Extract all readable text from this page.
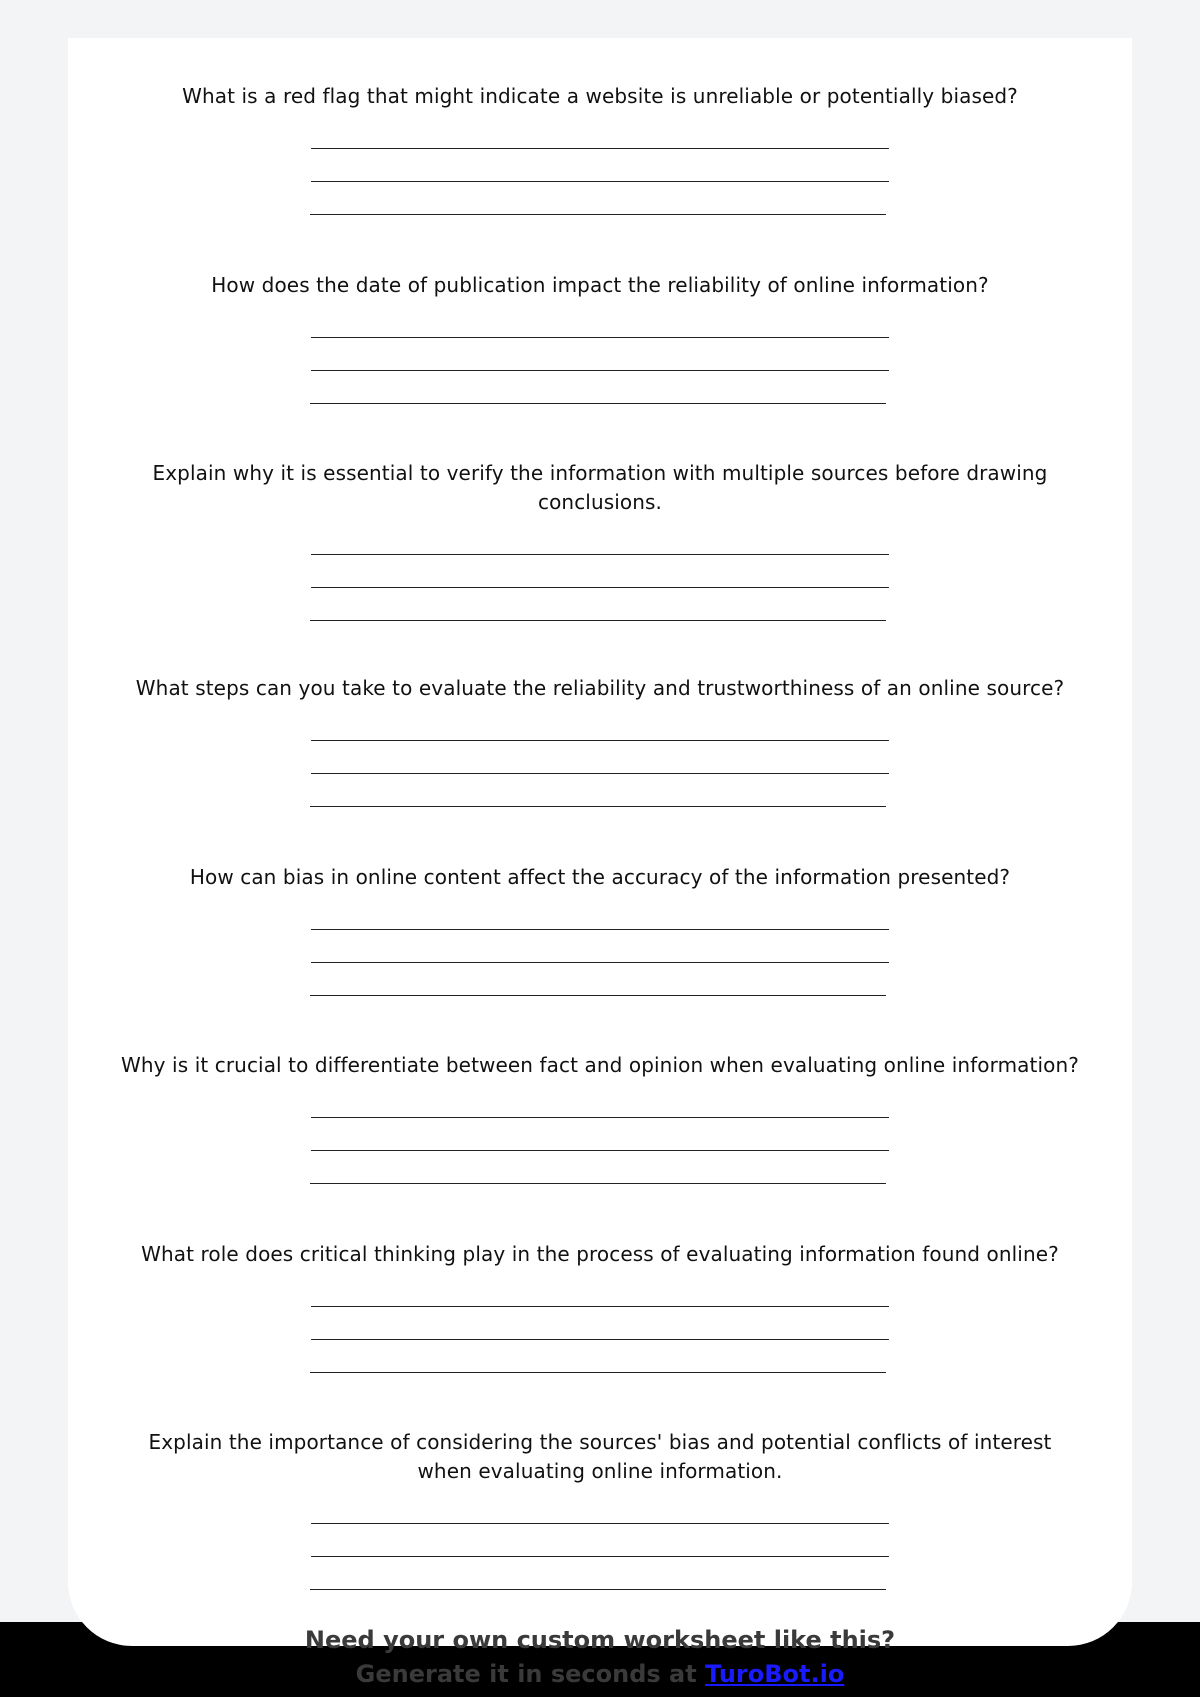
What is a red flag that might indicate a website is unreliable or potentially biased?

How does the date of publication impact the reliability of online information?

Explain why it is essential to verify the information with multiple sources before drawing conclusions.

What steps can you take to evaluate the reliability and trustworthiness of an online source?

How can bias in online content affect the accuracy of the information presented?

Why is it crucial to differentiate between fact and opinion when evaluating online information?

What role does critical thinking play in the process of evaluating information found online?

Explain the importance of considering the sources' bias and potential conflicts of interest when evaluating online information.

Need your own custom worksheet like this?
Generate it in seconds at TuroBot.io
